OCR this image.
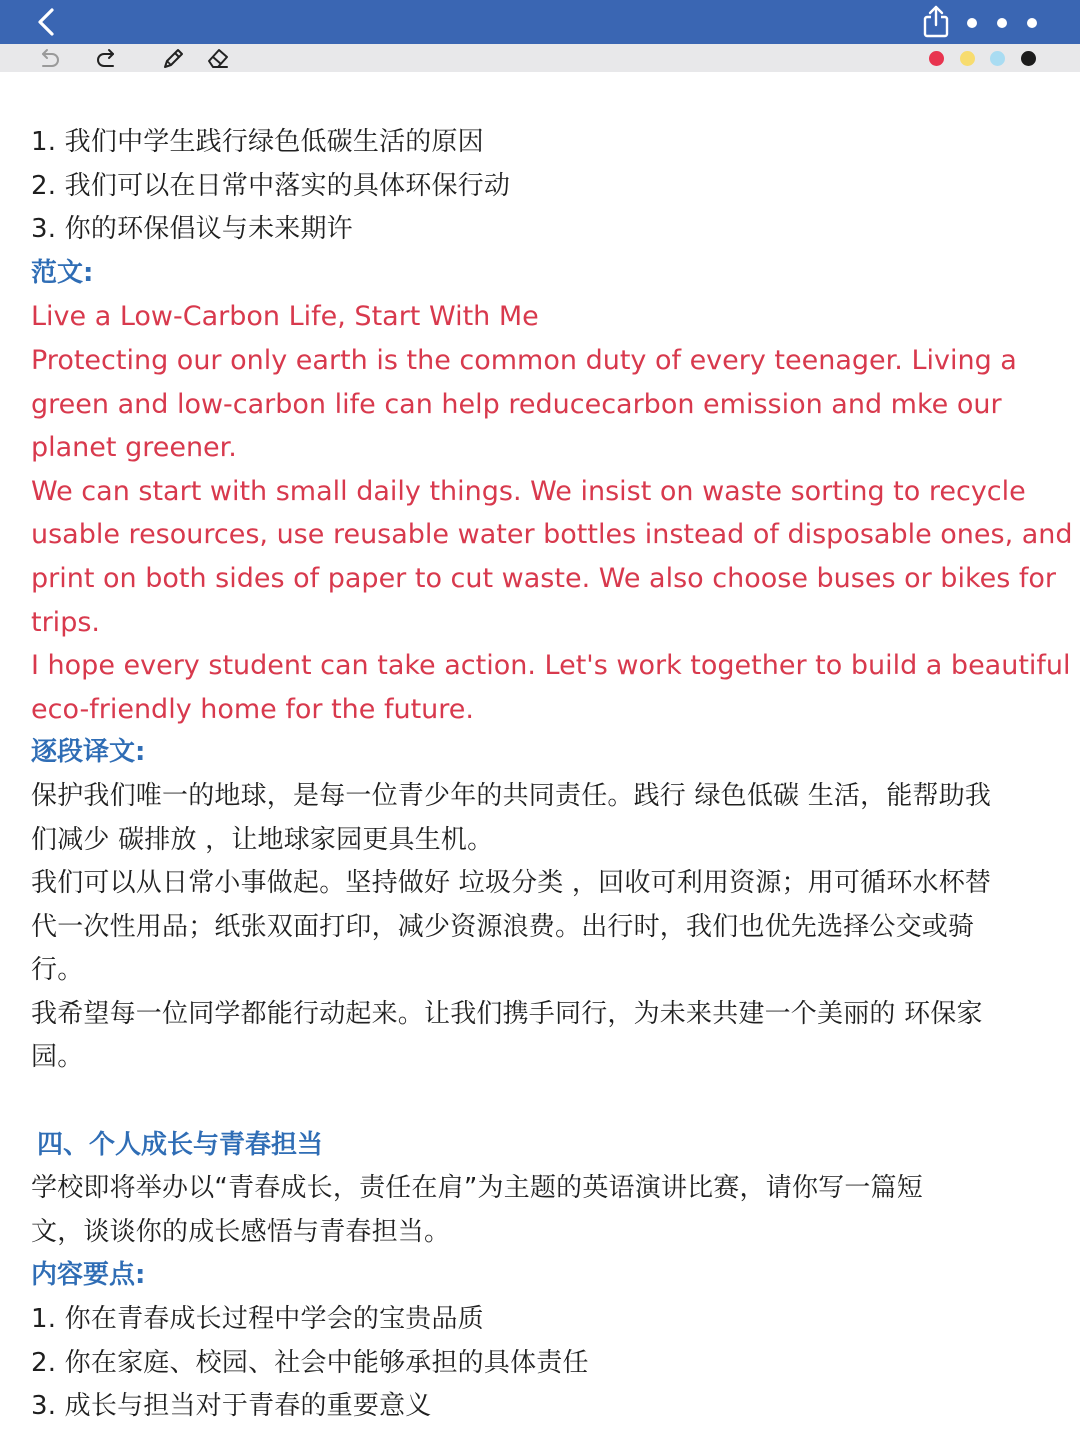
1. 我们中学生践行绿色低碳生活的原因
2. 我们可以在日常中落实的具体环保行动
3. 你的环保倡议与未来期许
范文:
Live a Low-Carbon Life, Start With Me
Protecting our only earth is the common duty of every teenager. Living a
green and low-carbon life can help reducecarbon emission and mke our
planet greener.
We can start with small daily things. We insist on waste sorting to recycle
usable resources, use reusable water bottles instead of disposable ones, and
print on both sides of paper to cut waste. We also choose buses or bikes for
trips.
I hope every student can take action. Let's work together to build a beautiful
eco-friendly home for the future.
逐段译文:
保护我们唯一的地球，是每一位青少年的共同责任。践行 绿色低碳 生活，能帮助我
们减少 碳排放 ，让地球家园更具生机。
我们可以从日常小事做起。坚持做好 垃圾分类 ，回收可利用资源；用可循环水杯替
代一次性用品；纸张双面打印，减少资源浪费。出行时，我们也优先选择公交或骑
行。
我希望每一位同学都能行动起来。让我们携手同行，为未来共建一个美丽的 环保家
园。
四、个人成长与青春担当
学校即将举办以“青春成长，责任在肩”为主题的英语演讲比赛，请你写一篇短
文，谈谈你的成长感悟与青春担当。
内容要点:
1. 你在青春成长过程中学会的宝贵品质
2. 你在家庭、校园、社会中能够承担的具体责任
3. 成长与担当对于青春的重要意义
